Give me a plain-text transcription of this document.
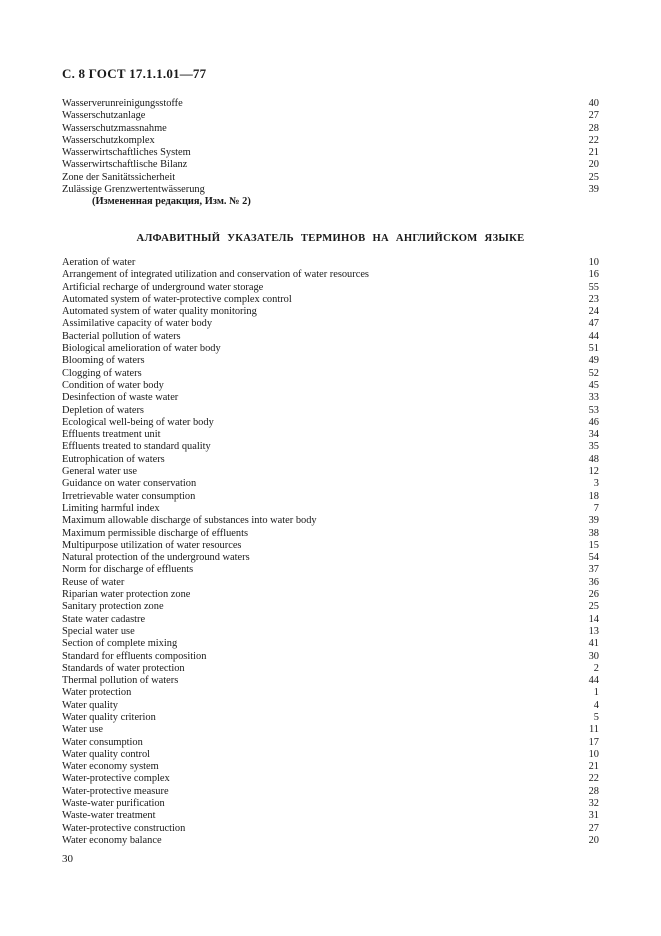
С. 8 ГОСТ 17.1.1.01—77
Wasserverunreinigungsstoffe	40
Wasserschutzanlage	27
Wasserschutzmassnahme	28
Wasserschutzkomplex	22
Wasserwirtschaftliches System	21
Wasserwirtschaftlische Bilanz	20
Zone der Sanitätssicherheit	25
Zulässige Grenzwertentwässerung	39
(Измененная редакция, Изм. № 2)
АЛФАВИТНЫЙ УКАЗАТЕЛЬ ТЕРМИНОВ НА АНГЛИЙСКОМ ЯЗЫКЕ
Aeration of water	10
Arrangement of integrated utilization and conservation of water resources	16
Artificial recharge of underground water storage	55
Automated system of water-protective complex control	23
Automated system of water quality monitoring	24
Assimilative capacity of water body	47
Bacterial pollution of waters	44
Biological amelioration of water body	51
Blooming of waters	49
Clogging of waters	52
Condition of water body	45
Desinfection of waste water	33
Depletion of waters	53
Ecological well-being of water body	46
Effluents treatment unit	34
Effluents treated to standard quality	35
Eutrophication of waters	48
General water use	12
Guidance on water conservation	3
Irretrievable water consumption	18
Limiting harmful index	7
Maximum allowable discharge of substances into water body	39
Maximum permissible discharge of effluents	38
Multipurpose utilization of water resources	15
Natural protection of the underground waters	54
Norm for discharge of effluents	37
Reuse of water	36
Riparian water protection zone	26
Sanitary protection zone	25
State water cadastre	14
Special water use	13
Section of complete mixing	41
Standard for effluents composition	30
Standards of water protection	2
Thermal pollution of waters	44
Water protection	1
Water quality	4
Water quality criterion	5
Water use	11
Water consumption	17
Water quality control	10
Water economy system	21
Water-protective complex	22
Water-protective measure	28
Waste-water purification	32
Waste-water treatment	31
Water-protective construction	27
Water economy balance	20
30
